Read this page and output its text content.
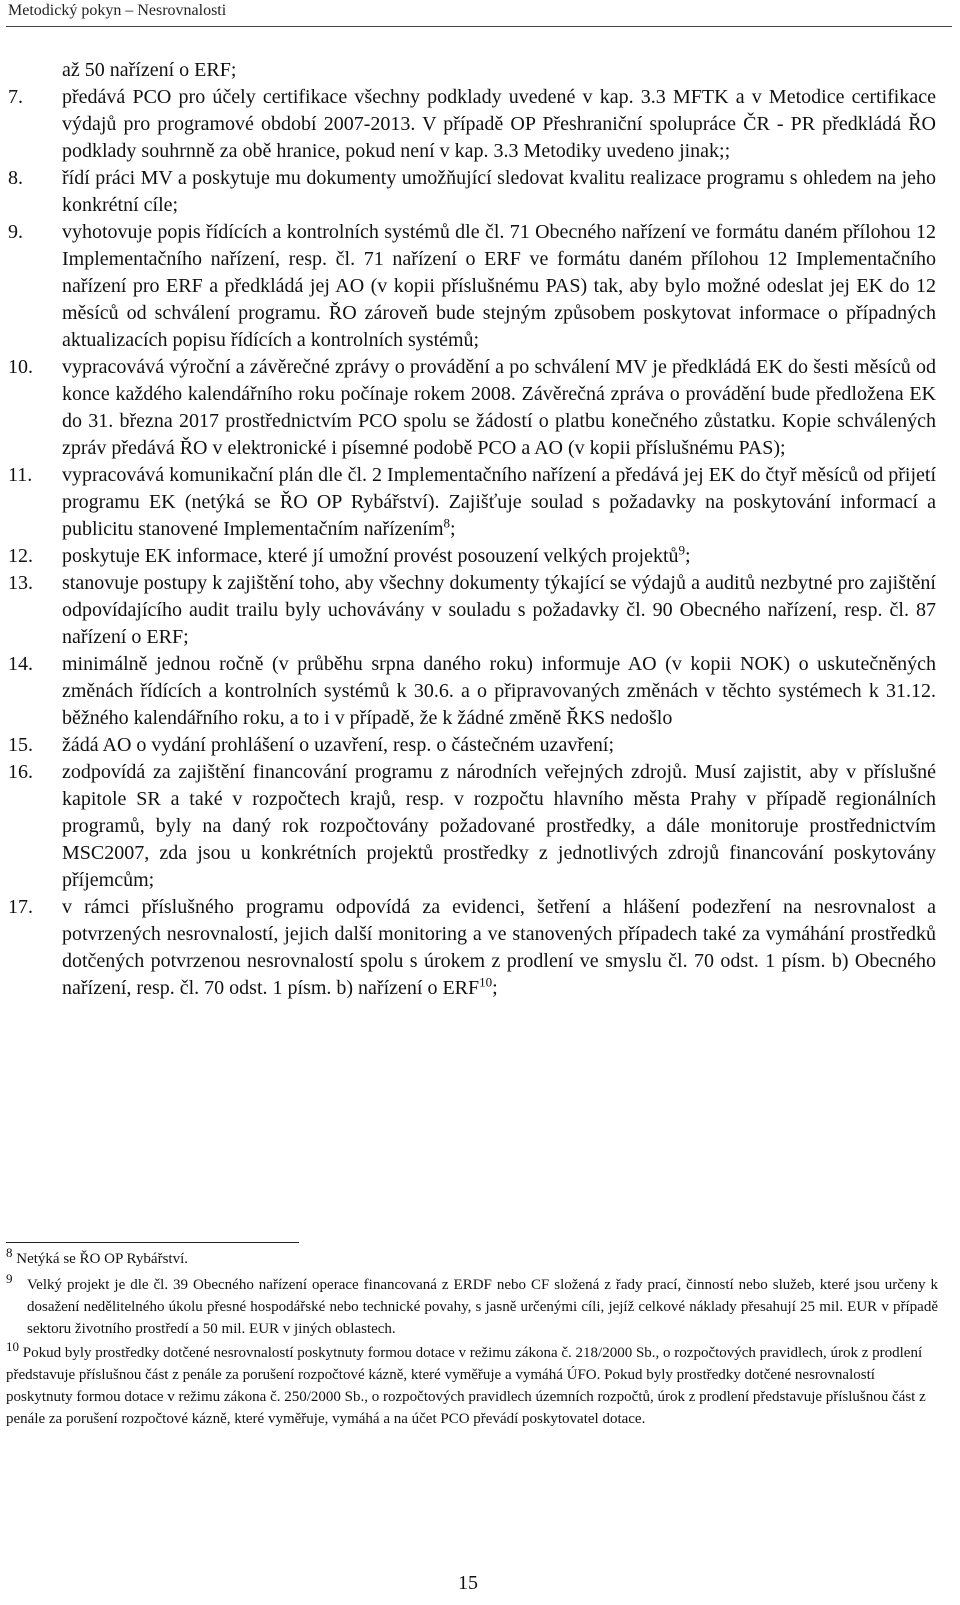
Metodický pokyn – Nesrovnalosti
až 50 nařízení o ERF;
7.	předává PCO pro účely certifikace všechny podklady uvedené v kap. 3.3 MFTK a v Metodice certifikace výdajů pro programové období 2007-2013. V případě OP Přeshraniční spolupráce ČR - PR předkládá ŘO podklady souhrnně za obě hranice, pokud není v kap. 3.3 Metodiky uvedeno jinak;;
8.	řídí práci MV a poskytuje mu dokumenty umožňující sledovat kvalitu realizace programu s ohledem na jeho konkrétní cíle;
9.	vyhotovuje popis řídících a kontrolních systémů dle čl. 71 Obecného nařízení ve formátu daném přílohou 12 Implementačního nařízení, resp. čl. 71 nařízení o ERF ve formátu daném přílohou 12 Implementačního nařízení pro ERF a předkládá jej AO (v kopii příslušnému PAS) tak, aby bylo možné odeslat jej EK do 12 měsíců od schválení programu. ŘO zároveň bude stejným způsobem poskytovat informace o případných aktualizacích popisu řídících a kontrolních systémů;
10.	vypracovává výroční a závěrečné zprávy o provádění a po schválení MV je předkládá EK do šesti měsíců od konce každého kalendářního roku počínaje rokem 2008. Závěrečná zpráva o provádění bude předložena EK do 31. března 2017 prostřednictvím PCO spolu se žádostí o platbu konečného zůstatku. Kopie schválených zpráv předává ŘO v elektronické i písemné podobě PCO a AO (v kopii příslušnému PAS);
11.	vypracovává komunikační plán dle čl. 2 Implementačního nařízení a předává jej EK do čtyř měsíců od přijetí programu EK (netýká se ŘO OP Rybářství). Zajišťuje soulad s požadavky na poskytování informací a publicitu stanovené Implementačním nařízením$^8$;
12.	poskytuje EK informace, které jí umožní provést posouzení velkých projektů$^9$;
13.	stanovuje postupy k zajištění toho, aby všechny dokumenty týkající se výdajů a auditů nezbytné pro zajištění odpovídajícího audit trailu byly uchovávány v souladu s požadavky čl. 90 Obecného nařízení, resp. čl. 87 nařízení o ERF;
14.	minimálně jednou ročně (v průběhu srpna daného roku) informuje AO (v kopii NOK) o uskutečněných změnách řídících a kontrolních systémů k 30.6. a o připravovaných změnách v těchto systémech k 31.12. běžného kalendářního roku, a to i v případě, že k žádné změně ŘKS nedošlo
15.	žádá AO o vydání prohlášení o uzavření, resp. o částečném uzavření;
16.	zodpovídá za zajištění financování programu z národních veřejných zdrojů. Musí zajistit, aby v příslušné kapitole SR a také v rozpočtech krajů, resp. v rozpočtu hlavního města Prahy v případě regionálních programů, byly na daný rok rozpočtovány požadované prostředky, a dále monitoruje prostřednictvím MSC2007, zda jsou u konkrétních projektů prostředky z jednotlivých zdrojů financování poskytovány příjemcům;
17.	v rámci příslušného programu odpovídá za evidenci, šetření a hlášení podezření na nesrovnalost a potvrzených nesrovnalostí, jejich další monitoring a ve stanovených případech také za vymáhání prostředků dotčených potvrzenou nesrovnalostí spolu s úrokem z prodlení ve smyslu čl. 70 odst. 1 písm. b) Obecného nařízení, resp. čl. 70 odst. 1 písm. b) nařízení o ERF$^{10}$;
$^8$ Netýká se ŘO OP Rybářství.
$^9$ Velký projekt je dle čl. 39 Obecného nařízení operace financovaná z ERDF nebo CF složená z řady prací, činností nebo služeb, které jsou určeny k dosažení nedělitelného úkolu přesné hospodářské nebo technické povahy, s jasně určenými cíli, jejíž celkové náklady přesahují 25 mil. EUR v případě sektoru životního prostředí a 50 mil. EUR v jiných oblastech.
$^{10}$ Pokud byly prostředky dotčené nesrovnalostí poskytnuty formou dotace v režimu zákona č. 218/2000 Sb., o rozpočtových pravidlech, úrok z prodlení představuje příslušnou část z penále za porušení rozpočtové kázně, které vyměřuje a vymáhá ÚFO. Pokud byly prostředky dotčené nesrovnalostí poskytnuty formou dotace v režimu zákona č. 250/2000 Sb., o rozpočtových pravidlech územních rozpočtů, úrok z prodlení představuje příslušnou část z penále za porušení rozpočtové kázně, které vyměřuje, vymáhá a na účet PCO převádí poskytovatel dotace.
15
